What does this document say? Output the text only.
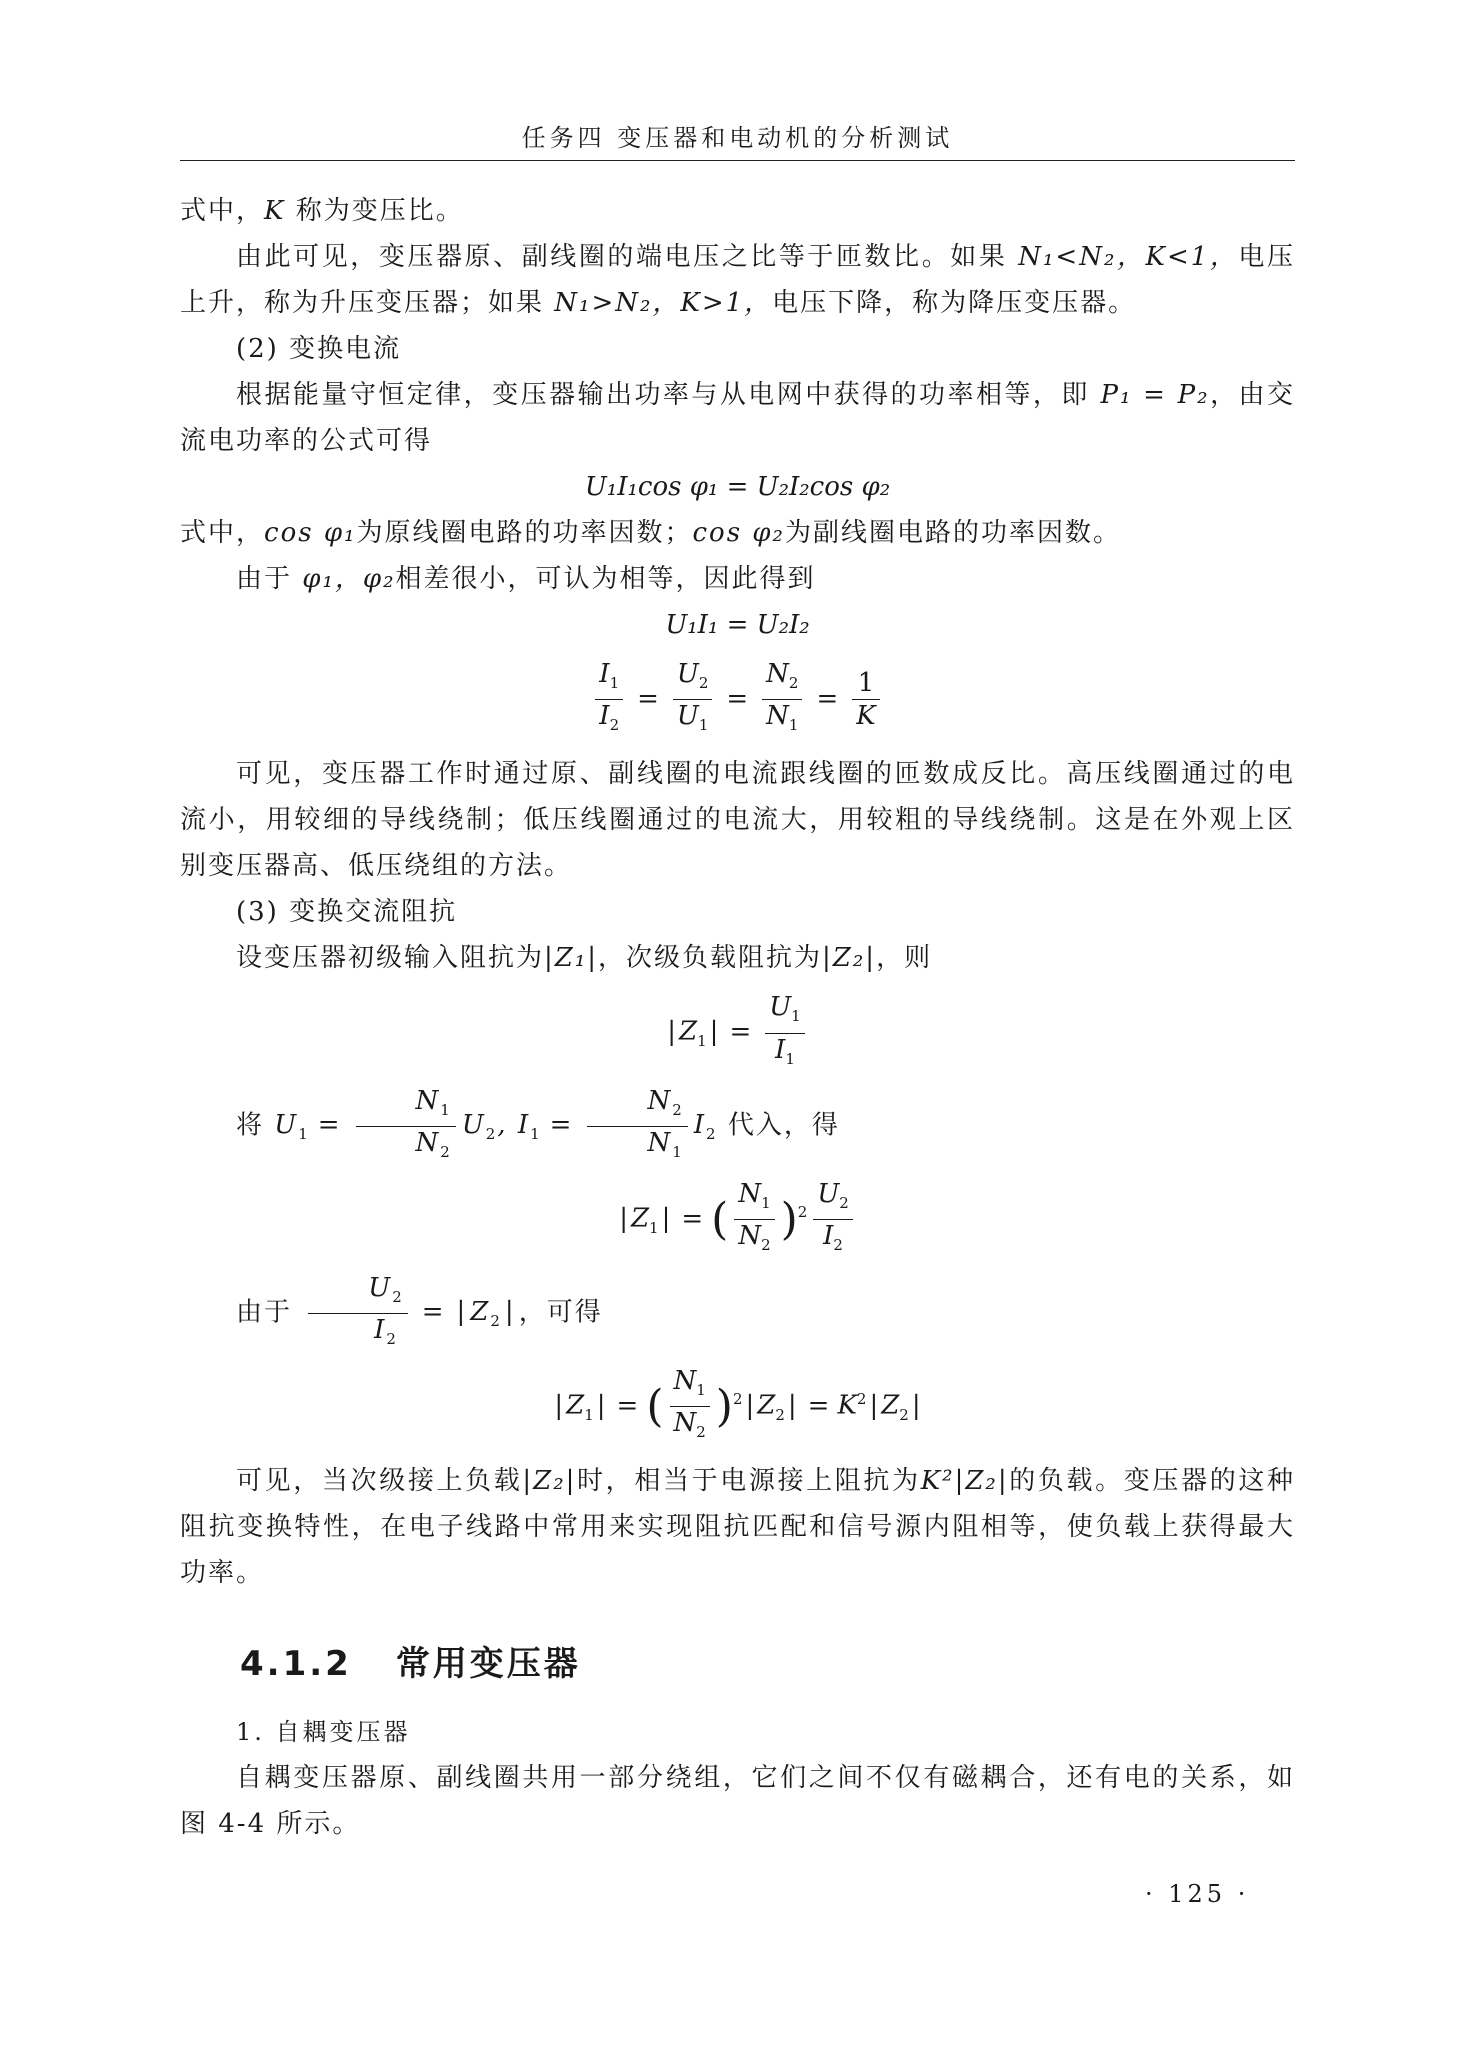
任务四 变压器和电动机的分析测试

式中，K 称为变压比。

由此可见，变压器原、副线圈的端电压之比等于匝数比。如果 N₁<N₂，K<1，电压上升，称为升压变压器；如果 N₁>N₂，K>1，电压下降，称为降压变压器。

(2) 变换电流

根据能量守恒定律，变压器输出功率与从电网中获得的功率相等，即 P₁ = P₂，由交流电功率的公式可得

U₁I₁cos φ₁ = U₂I₂cos φ₂

式中，cos φ₁为原线圈电路的功率因数；cos φ₂为副线圈电路的功率因数。

由于 φ₁，φ₂相差很小，可认为相等，因此得到

U₁I₁ = U₂I₂
$\frac{I_1}{I_2} = \frac{U_2}{U_1} = \frac{N_2}{N_1} = \frac{1}{K}$

可见，变压器工作时通过原、副线圈的电流跟线圈的匝数成反比。高压线圈通过的电流小，用较细的导线绕制；低压线圈通过的电流大，用较粗的导线绕制。这是在外观上区别变压器高、低压绕组的方法。

(3) 变换交流阻抗

设变压器初级输入阻抗为|Z₁|，次级负载阻抗为|Z₂|，则

| $Z_1$ | = $\frac{U_1}{I_1}$

将 $U_1 = \frac{N_1}{N_2} U_2$, $I_1 = \frac{N_2}{N_1} I_2$ 代入，得

| $Z_1$ | = ( $\frac{N_1}{N_2} )^2 \frac{U_2}{I_2}$

由于 $\frac{U_2}{I_2}$ = | $Z_2$ | ，可得

| $Z_1$ | = ( $\frac{N_1}{N_2} )^2$ | $Z_2$ | = $K^2$ | $Z_2$ |

可见，当次级接上负载|Z₂|时，相当于电源接上阻抗为K²|Z₂|的负载。变压器的这种阻抗变换特性，在电子线路中常用来实现阻抗匹配和信号源内阻相等，使负载上获得最大功率。

4.1.2 常用变压器
1. 自耦变压器

自耦变压器原、副线圈共用一部分绕组，它们之间不仅有磁耦合，还有电的关系，如图 4-4 所示。

· 125 ·
